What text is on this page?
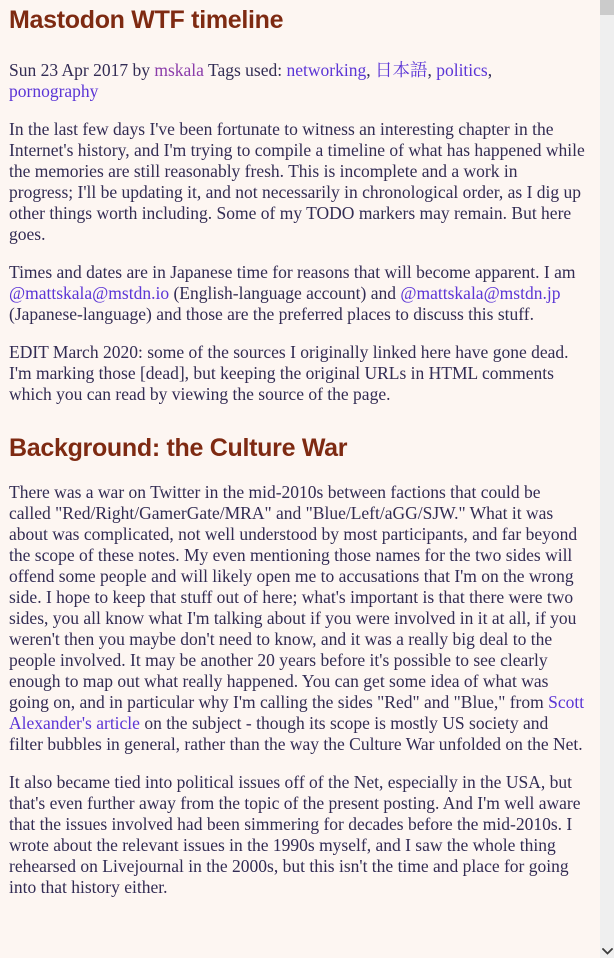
Mastodon WTF timeline

Sun 23 Apr 2017 by mskala Tags used: networking, 日本語, politics, pornography

In the last few days I've been fortunate to witness an interesting chapter in the Internet's history, and I'm trying to compile a timeline of what has happened while the memories are still reasonably fresh. This is incomplete and a work in progress; I'll be updating it, and not necessarily in chronological order, as I dig up other things worth including. Some of my TODO markers may remain. But here goes.

Times and dates are in Japanese time for reasons that will become apparent. I am @mattskala@mstdn.io (English-language account) and @mattskala@mstdn.jp (Japanese-language) and those are the preferred places to discuss this stuff.

EDIT March 2020: some of the sources I originally linked here have gone dead. I'm marking those [dead], but keeping the original URLs in HTML comments which you can read by viewing the source of the page.

Background: the Culture War

There was a war on Twitter in the mid-2010s between factions that could be called "Red/Right/GamerGate/MRA" and "Blue/Left/aGG/SJW." What it was about was complicated, not well understood by most participants, and far beyond the scope of these notes. My even mentioning those names for the two sides will offend some people and will likely open me to accusations that I'm on the wrong side. I hope to keep that stuff out of here; what's important is that there were two sides, you all know what I'm talking about if you were involved in it at all, if you weren't then you maybe don't need to know, and it was a really big deal to the people involved. It may be another 20 years before it's possible to see clearly enough to map out what really happened. You can get some idea of what was going on, and in particular why I'm calling the sides "Red" and "Blue," from Scott Alexander's article on the subject - though its scope is mostly US society and filter bubbles in general, rather than the way the Culture War unfolded on the Net.

It also became tied into political issues off of the Net, especially in the USA, but that's even further away from the topic of the present posting. And I'm well aware that the issues involved had been simmering for decades before the mid-2010s. I wrote about the relevant issues in the 1990s myself, and I saw the whole thing rehearsed on Livejournal in the 2000s, but this isn't the time and place for going into that history either.
